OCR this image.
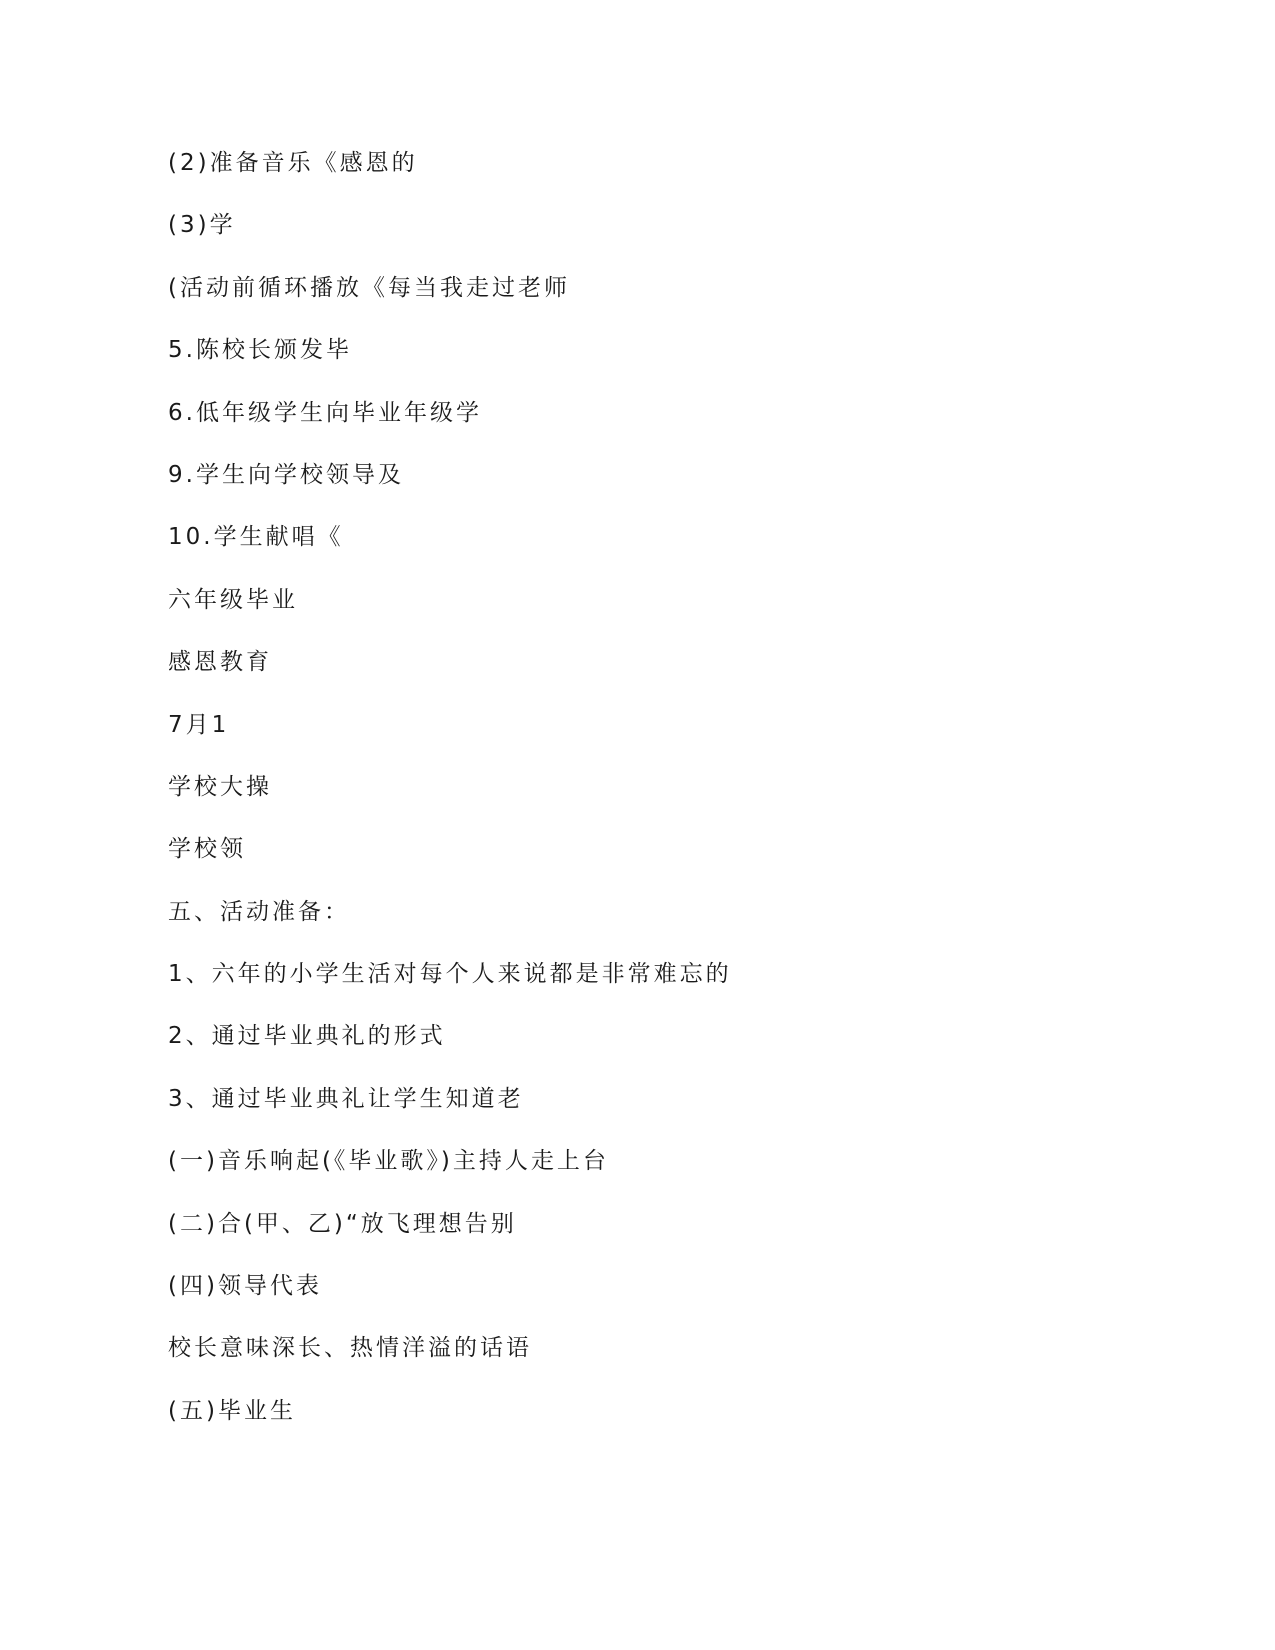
(2)准备音乐《感恩的
(3)学
(活动前循环播放《每当我走过老师
5.陈校长颁发毕
6.低年级学生向毕业年级学
9.学生向学校领导及
10.学生献唱《
六年级毕业
感恩教育
7月1
学校大操
学校领
五、活动准备：
1、六年的小学生活对每个人来说都是非常难忘的
2、通过毕业典礼的形式
3、通过毕业典礼让学生知道老
(一)音乐响起(《毕业歌》)主持人走上台
(二)合(甲、乙)“放飞理想告别
(四)领导代表
校长意味深长、热情洋溢的话语
(五)毕业生
